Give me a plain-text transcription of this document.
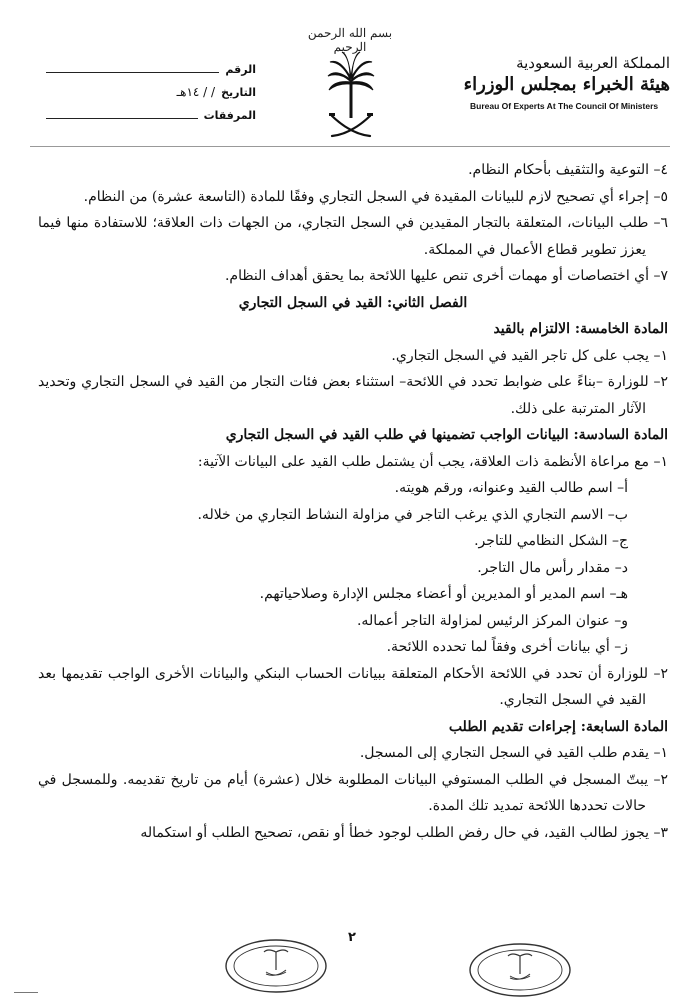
بسم الله الرحمن الرحيم
الرقم
التاريخ
/ / ١٤هـ
المرفقات
المملكة العربية السعودية
هيئة الخبراء بمجلس الوزراء
Bureau Of Experts At The Council Of Ministers
٤– التوعية والتثقيف بأحكام النظام.
٥– إجراء أي تصحيح لازم للبيانات المقيدة في السجل التجاري وفقًا للمادة (التاسعة عشرة) من النظام.
٦– طلب البيانات، المتعلقة بالتجار المقيدين في السجل التجاري، من الجهات ذات العلاقة؛ للاستفادة منها فيما يعزز تطوير قطاع الأعمال في المملكة.
٧– أي اختصاصات أو مهمات أخرى تنص عليها اللائحة بما يحقق أهداف النظام.
الفصل الثاني: القيد في السجل التجاري
المادة الخامسة: الالتزام بالقيد
١– يجب على كل تاجر القيد في السجل التجاري.
٢– للوزارة –بناءً على ضوابط تحدد في اللائحة– استثناء بعض فئات التجار من القيد في السجل التجاري وتحديد الآثار المترتبة على ذلك.
المادة السادسة: البيانات الواجب تضمينها في طلب القيد في السجل التجاري
١– مع مراعاة الأنظمة ذات العلاقة، يجب أن يشتمل طلب القيد على البيانات الآتية:
أ– اسم طالب القيد وعنوانه، ورقم هويته.
ب– الاسم التجاري الذي يرغب التاجر في مزاولة النشاط التجاري من خلاله.
ج– الشكل النظامي للتاجر.
د– مقدار رأس مال التاجر.
هـ– اسم المدير أو المديرين أو أعضاء مجلس الإدارة وصلاحياتهم.
و– عنوان المركز الرئيس لمزاولة التاجر أعماله.
ز– أي بيانات أخرى وفقاً لما تحدده اللائحة.
٢– للوزارة أن تحدد في اللائحة الأحكام المتعلقة ببيانات الحساب البنكي والبيانات الأخرى الواجب تقديمها بعد القيد في السجل التجاري.
المادة السابعة: إجراءات تقديم الطلب
١– يقدم طلب القيد في السجل التجاري إلى المسجل.
٢– يبتّ المسجل في الطلب المستوفي البيانات المطلوبة خلال (عشرة) أيام من تاريخ تقديمه. وللمسجل في حالات تحددها اللائحة تمديد تلك المدة.
٣– يجوز لطالب القيد، في حال رفض الطلب لوجود خطأ أو نقص، تصحيح الطلب أو استكماله
٢
